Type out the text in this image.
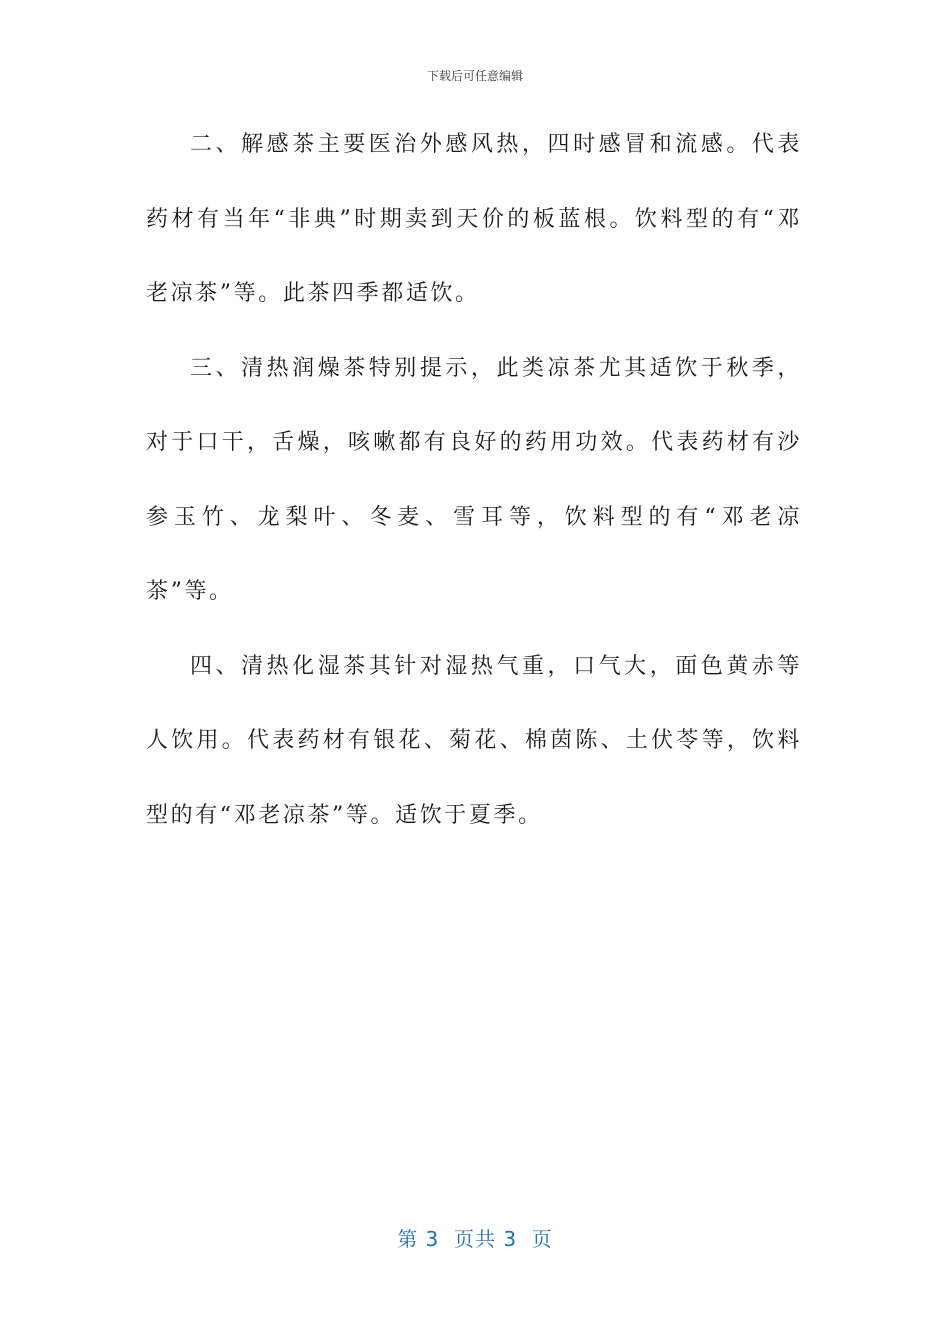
下载后可任意编辑

二、解感茶主要医治外感风热，四时感冒和流感。代表药材有当年“非典”时期卖到天价的板蓝根。饮料型的有“邓老凉茶”等。此茶四季都适饮。

三、清热润燥茶特别提示，此类凉茶尤其适饮于秋季，对于口干，舌燥，咳嗽都有良好的药用功效。代表药材有沙参玉竹、龙梨叶、冬麦、雪耳等，饮料型的有“邓老凉茶”等。

四、清热化湿茶其针对湿热气重，口气大，面色黄赤等人饮用。代表药材有银花、菊花、棉茵陈、土伏苓等，饮料型的有“邓老凉茶”等。适饮于夏季。

第 3  页共 3  页
